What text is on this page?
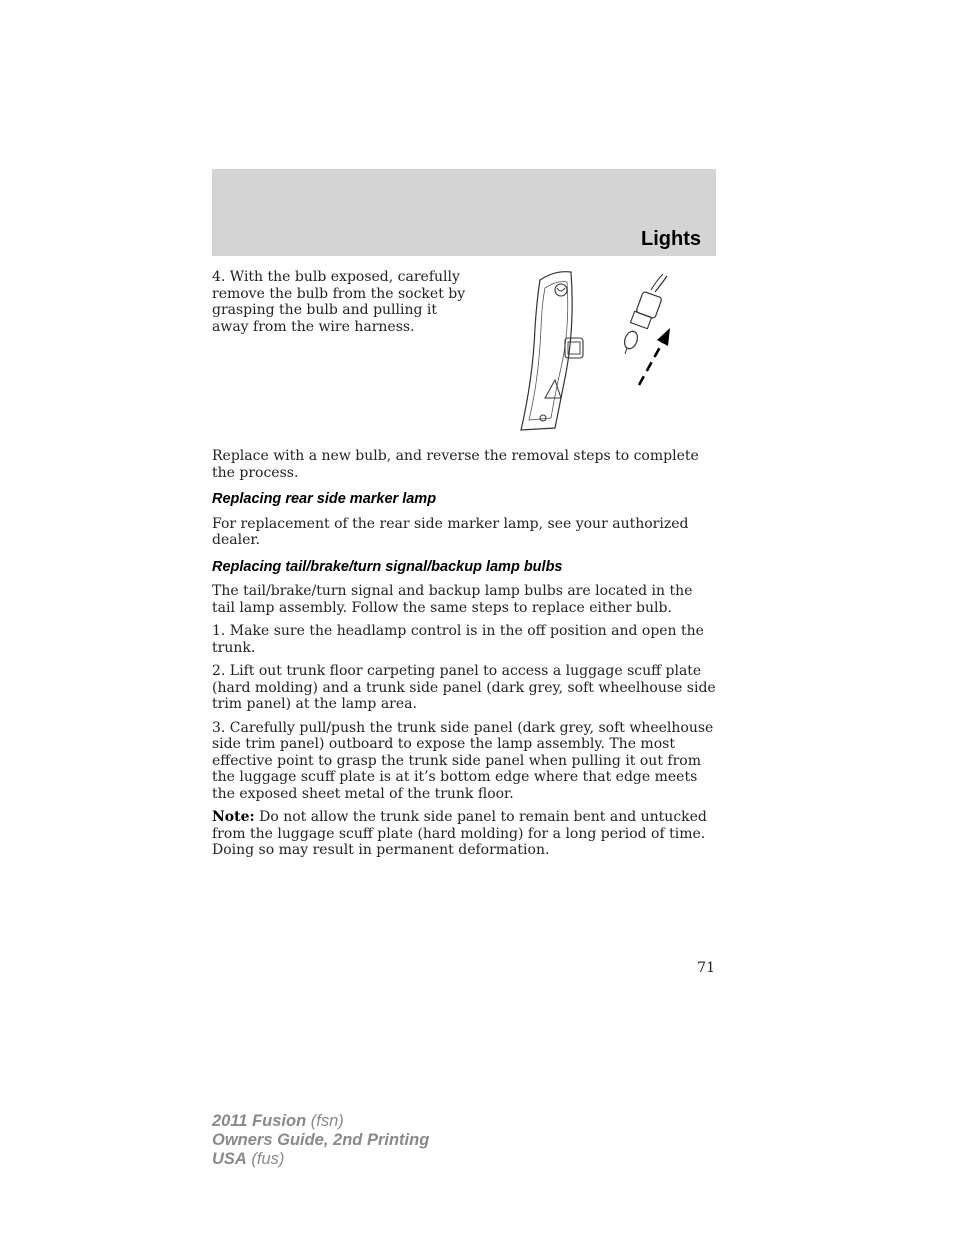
Lights

4. With the bulb exposed, carefully remove the bulb from the socket by grasping the bulb and pulling it away from the wire harness.

Replace with a new bulb, and reverse the removal steps to complete the process.

Replacing rear side marker lamp

For replacement of the rear side marker lamp, see your authorized dealer.

Replacing tail/brake/turn signal/backup lamp bulbs

The tail/brake/turn signal and backup lamp bulbs are located in the tail lamp assembly. Follow the same steps to replace either bulb.

1. Make sure the headlamp control is in the off position and open the trunk.

2. Lift out trunk floor carpeting panel to access a luggage scuff plate (hard molding) and a trunk side panel (dark grey, soft wheelhouse side trim panel) at the lamp area.

3. Carefully pull/push the trunk side panel (dark grey, soft wheelhouse side trim panel) outboard to expose the lamp assembly. The most effective point to grasp the trunk side panel when pulling it out from the luggage scuff plate is at it’s bottom edge where that edge meets the exposed sheet metal of the trunk floor.

Note: Do not allow the trunk side panel to remain bent and untucked from the luggage scuff plate (hard molding) for a long period of time. Doing so may result in permanent deformation.

71
2011 Fusion (fsn)
Owners Guide, 2nd Printing
USA (fus)
